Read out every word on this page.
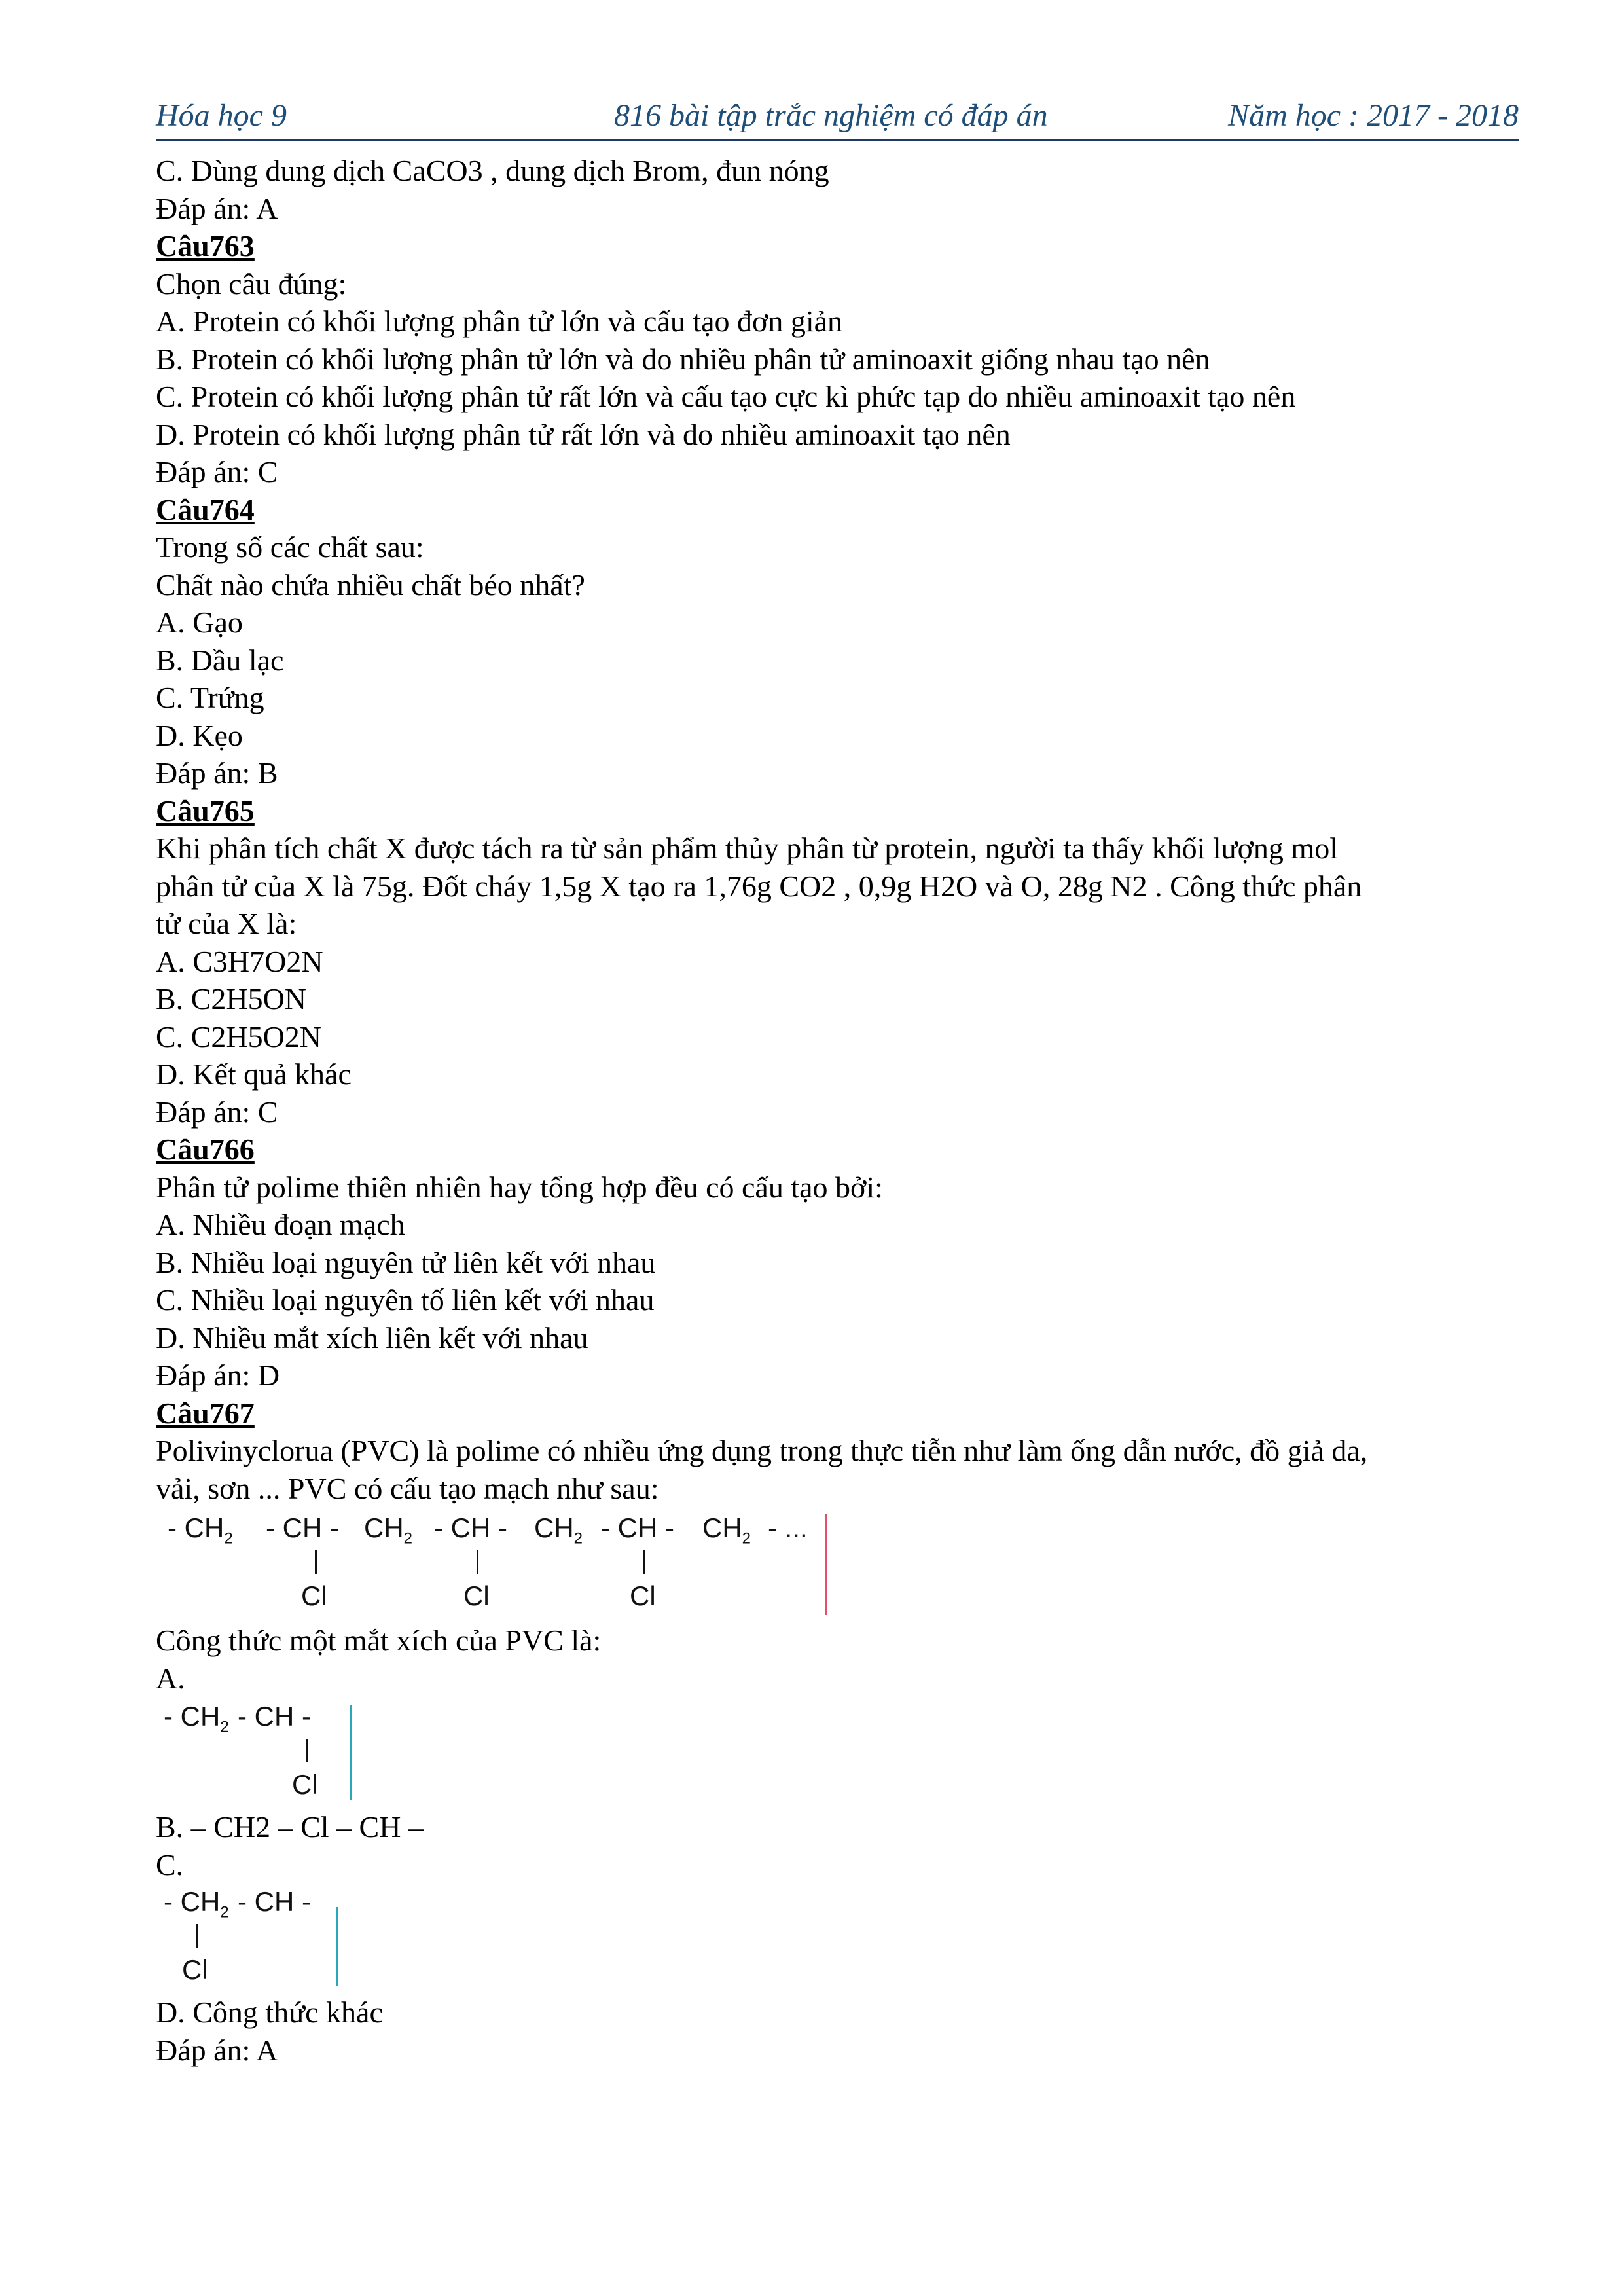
Hóa học 9	816 bài tập trắc nghiệm có đáp án	Năm học : 2017 - 2018
C. Dùng dung dịch CaCO3 , dung dịch Brom, đun nóng
Đáp án: A
Câu763
Chọn câu đúng:
A. Protein có khối lượng phân tử lớn và cấu tạo đơn giản
B. Protein có khối lượng phân tử lớn và do nhiều phân tử aminoaxit giống nhau tạo nên
C. Protein có khối lượng phân tử rất lớn và cấu tạo cực kì phức tạp do nhiều aminoaxit tạo nên
D. Protein có khối lượng phân tử rất lớn và do nhiều aminoaxit tạo nên
Đáp án: C
Câu764
Trong số các chất sau:
Chất nào chứa nhiều chất béo nhất?
A. Gạo
B. Dầu lạc
C. Trứng
D. Kẹo
Đáp án: B
Câu765
Khi phân tích chất X được tách ra từ sản phẩm thủy phân từ protein, người ta thấy khối lượng mol
phân tử của X là 75g. Đốt cháy 1,5g X tạo ra 1,76g CO2 , 0,9g H2O và O, 28g N2 . Công thức phân
tử của X là:
A. C3H7O2N
B. C2H5ON
C. C2H5O2N
D. Kết quả khác
Đáp án: C
Câu766
Phân tử polime thiên nhiên hay tổng hợp đều có cấu tạo bởi:
A. Nhiều đoạn mạch
B. Nhiều loại nguyên tử liên kết với nhau
C. Nhiều loại nguyên tố liên kết với nhau
D. Nhiều mắt xích liên kết với nhau
Đáp án: D
Câu767
Polivinyclorua (PVC) là polime có nhiều ứng dụng trong thực tiễn như làm ống dẫn nước, đồ giả da,
vải, sơn ... PVC có cấu tạo mạch như sau:
- $CH_2$ - CH - $CH_2$ - CH - $CH_2$ - CH - $CH_2$ - ...
Cl	Cl	Cl
Công thức một mắt xích của PVC là:
A.
- $CH_2$ - CH -
Cl
B. – CH2 – Cl – CH –
C.
- $CH_2$ - CH -
Cl
D. Công thức khác
Đáp án: A
